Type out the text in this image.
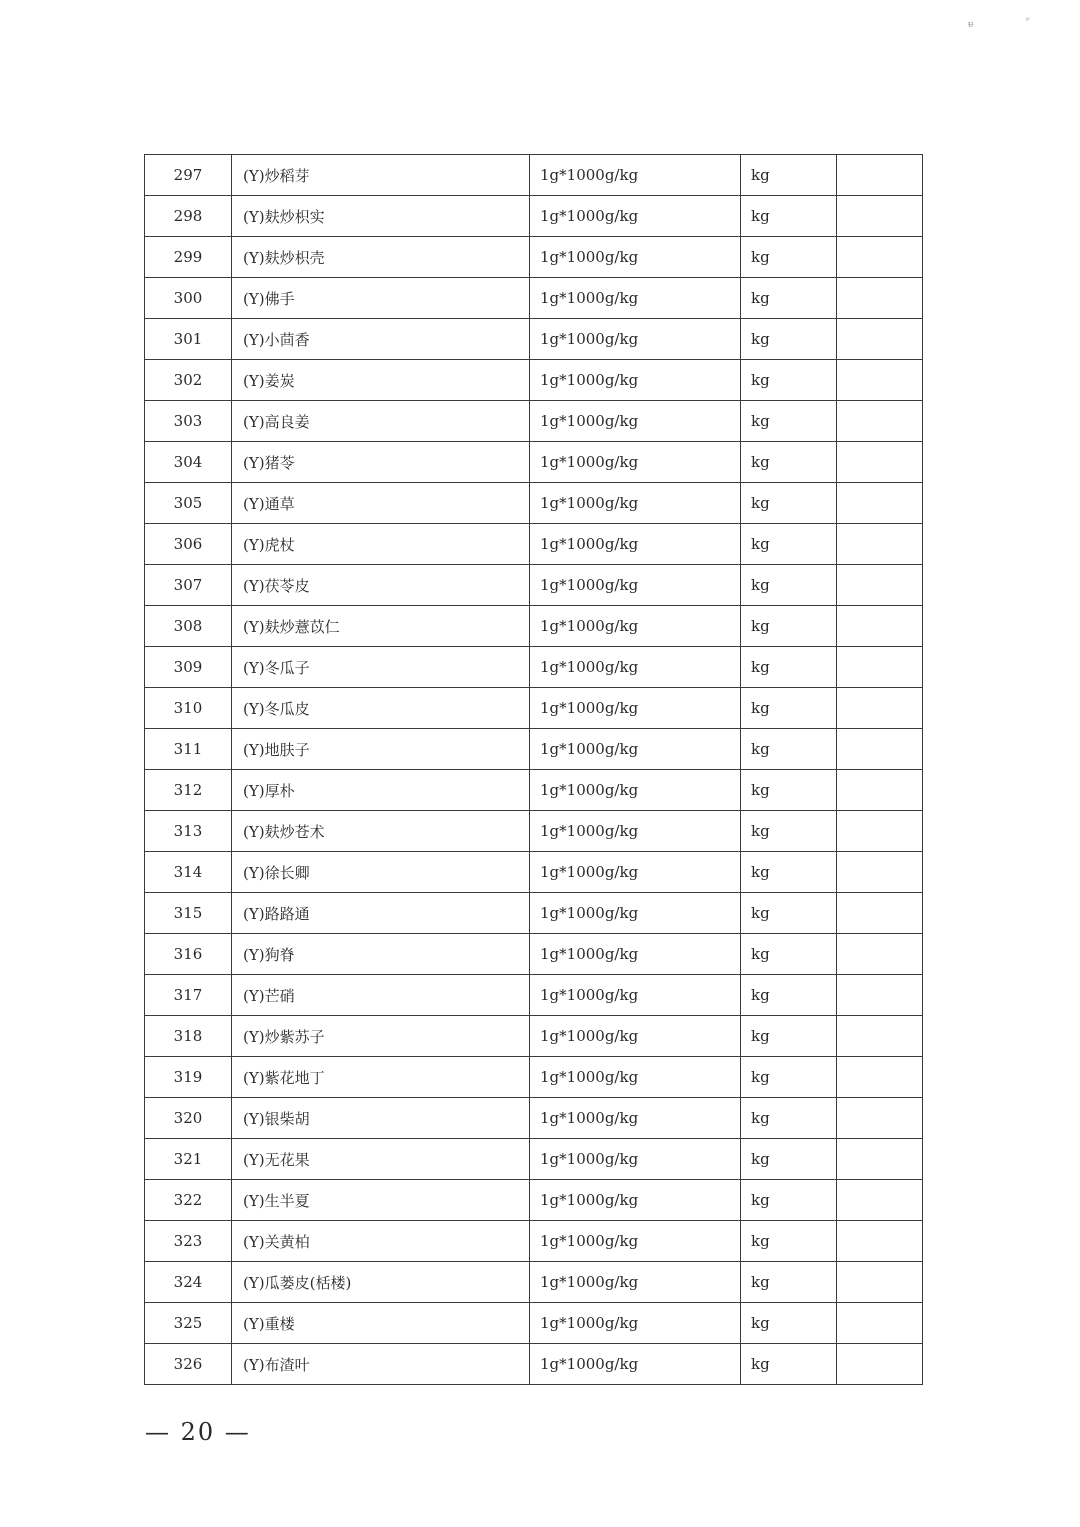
ᵾ	ᵖ
297	(Y)炒稻芽	1g*1000g/kg	kg	
298	(Y)麸炒枳实	1g*1000g/kg	kg	
299	(Y)麸炒枳壳	1g*1000g/kg	kg	
300	(Y)佛手	1g*1000g/kg	kg	
301	(Y)小茴香	1g*1000g/kg	kg	
302	(Y)姜炭	1g*1000g/kg	kg	
303	(Y)高良姜	1g*1000g/kg	kg	
304	(Y)猪苓	1g*1000g/kg	kg	
305	(Y)通草	1g*1000g/kg	kg	
306	(Y)虎杖	1g*1000g/kg	kg	
307	(Y)茯苓皮	1g*1000g/kg	kg	
308	(Y)麸炒薏苡仁	1g*1000g/kg	kg	
309	(Y)冬瓜子	1g*1000g/kg	kg	
310	(Y)冬瓜皮	1g*1000g/kg	kg	
311	(Y)地肤子	1g*1000g/kg	kg	
312	(Y)厚朴	1g*1000g/kg	kg	
313	(Y)麸炒苍术	1g*1000g/kg	kg	
314	(Y)徐长卿	1g*1000g/kg	kg	
315	(Y)路路通	1g*1000g/kg	kg	
316	(Y)狗脊	1g*1000g/kg	kg	
317	(Y)芒硝	1g*1000g/kg	kg	
318	(Y)炒紫苏子	1g*1000g/kg	kg	
319	(Y)紫花地丁	1g*1000g/kg	kg	
320	(Y)银柴胡	1g*1000g/kg	kg	
321	(Y)无花果	1g*1000g/kg	kg	
322	(Y)生半夏	1g*1000g/kg	kg	
323	(Y)关黄柏	1g*1000g/kg	kg	
324	(Y)瓜蒌皮(栝楼)	1g*1000g/kg	kg	
325	(Y)重楼	1g*1000g/kg	kg	
326	(Y)布渣叶	1g*1000g/kg	kg	
— 20 —
